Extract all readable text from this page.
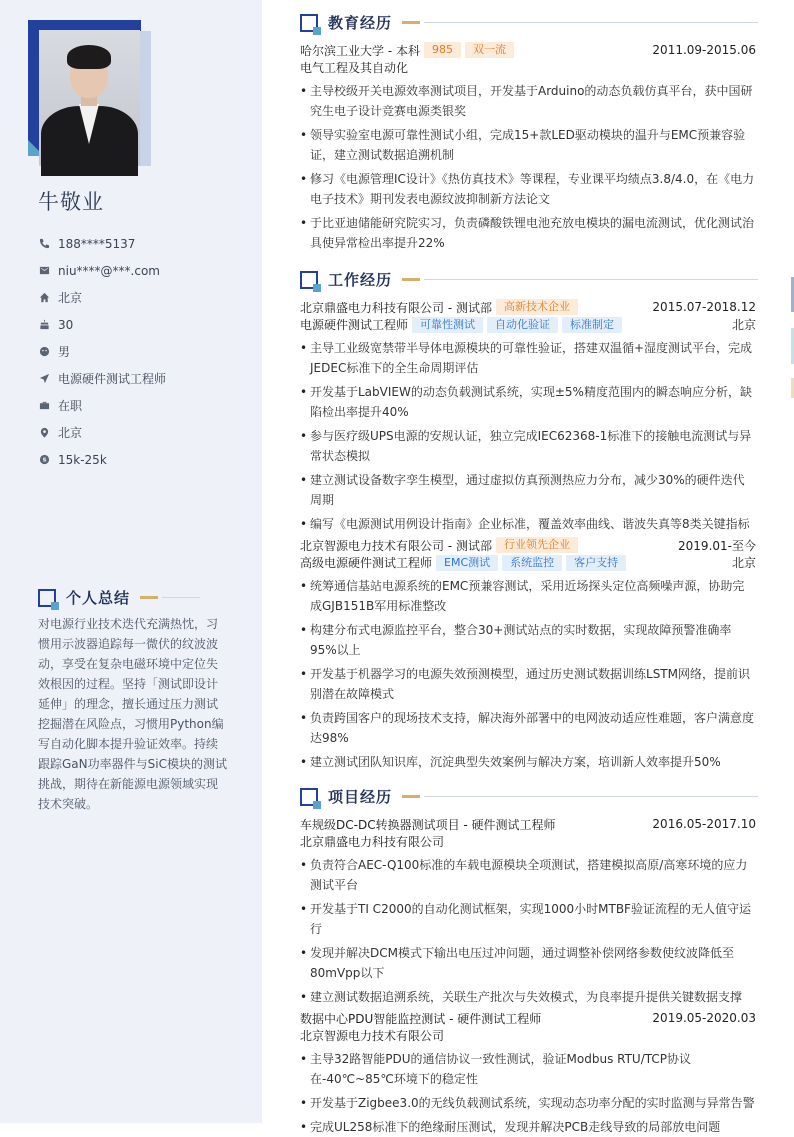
牛敬业
188****5137
niu****@***.com
北京
30
男
电源硬件测试工程师
在职
北京
15k-25k
个人总结
对电源行业技术迭代充满热忱，习惯用示波器追踪每一微伏的纹波波动，享受在复杂电磁环境中定位失效根因的过程。坚持「测试即设计延伸」的理念，擅长通过压力测试挖掘潜在风险点，习惯用Python编写自动化脚本提升验证效率。持续跟踪GaN功率器件与SiC模块的测试挑战，期待在新能源电源领域实现技术突破。
教育经历
哈尔滨工业大学 - 本科	985	双一流	2011.09-2015.06
电气工程及其自动化
• 主导校级开关电源效率测试项目，开发基于Arduino的动态负载仿真平台，获中国研究生电子设计竞赛电源类银奖
• 领导实验室电源可靠性测试小组，完成15+款LED驱动模块的温升与EMC预兼容验证，建立测试数据追溯机制
• 修习《电源管理IC设计》《热仿真技术》等课程，专业课平均绩点3.8/4.0，在《电力电子技术》期刊发表电源纹波抑制新方法论文
• 于比亚迪储能研究院实习，负责磷酸铁锂电池充放电模块的漏电流测试，优化测试治具使异常检出率提升22%
工作经历
北京鼎盛电力科技有限公司 - 测试部	高新技术企业	2015.07-2018.12
电源硬件测试工程师	可靠性测试	自动化验证	标准制定	北京
• 主导工业级宽禁带半导体电源模块的可靠性验证，搭建双温循+湿度测试平台，完成JEDEC标准下的全生命周期评估
• 开发基于LabVIEW的动态负载测试系统，实现±5%精度范围内的瞬态响应分析，缺陷检出率提升40%
• 参与医疗级UPS电源的安规认证，独立完成IEC62368-1标准下的接触电流测试与异常状态模拟
• 建立测试设备数字孪生模型，通过虚拟仿真预测热应力分布，减少30%的硬件迭代周期
• 编写《电源测试用例设计指南》企业标准，覆盖效率曲线、谐波失真等8类关键指标
北京智源电力技术有限公司 - 测试部	行业领先企业	2019.01-至今
高级电源硬件测试工程师	EMC测试	系统监控	客户支持	北京
• 统筹通信基站电源系统的EMC预兼容测试，采用近场探头定位高频噪声源，协助完成GJB151B军用标准整改
• 构建分布式电源监控平台，整合30+测试站点的实时数据，实现故障预警准确率95%以上
• 开发基于机器学习的电源失效预测模型，通过历史测试数据训练LSTM网络，提前识别潜在故障模式
• 负责跨国客户的现场技术支持，解决海外部署中的电网波动适应性难题，客户满意度达98%
• 建立测试团队知识库，沉淀典型失效案例与解决方案，培训新人效率提升50%
项目经历
车规级DC-DC转换器测试项目 - 硬件测试工程师	2016.05-2017.10
北京鼎盛电力科技有限公司
• 负责符合AEC-Q100标准的车载电源模块全项测试，搭建模拟高原/高寒环境的应力测试平台
• 开发基于TI C2000的自动化测试框架，实现1000小时MTBF验证流程的无人值守运行
• 发现并解决DCM模式下输出电压过冲问题，通过调整补偿网络参数使纹波降低至80mVpp以下
• 建立测试数据追溯系统，关联生产批次与失效模式，为良率提升提供关键数据支撑
数据中心PDU智能监控测试 - 硬件测试工程师	2019.05-2020.03
北京智源电力技术有限公司
• 主导32路智能PDU的通信协议一致性测试，验证Modbus RTU/TCP协议在-40℃~85℃环境下的稳定性
• 开发基于Zigbee3.0的无线负载测试系统，实现动态功率分配的实时监测与异常告警
• 完成UL258标准下的绝缘耐压测试，发现并解决PCB走线导致的局部放电问题
